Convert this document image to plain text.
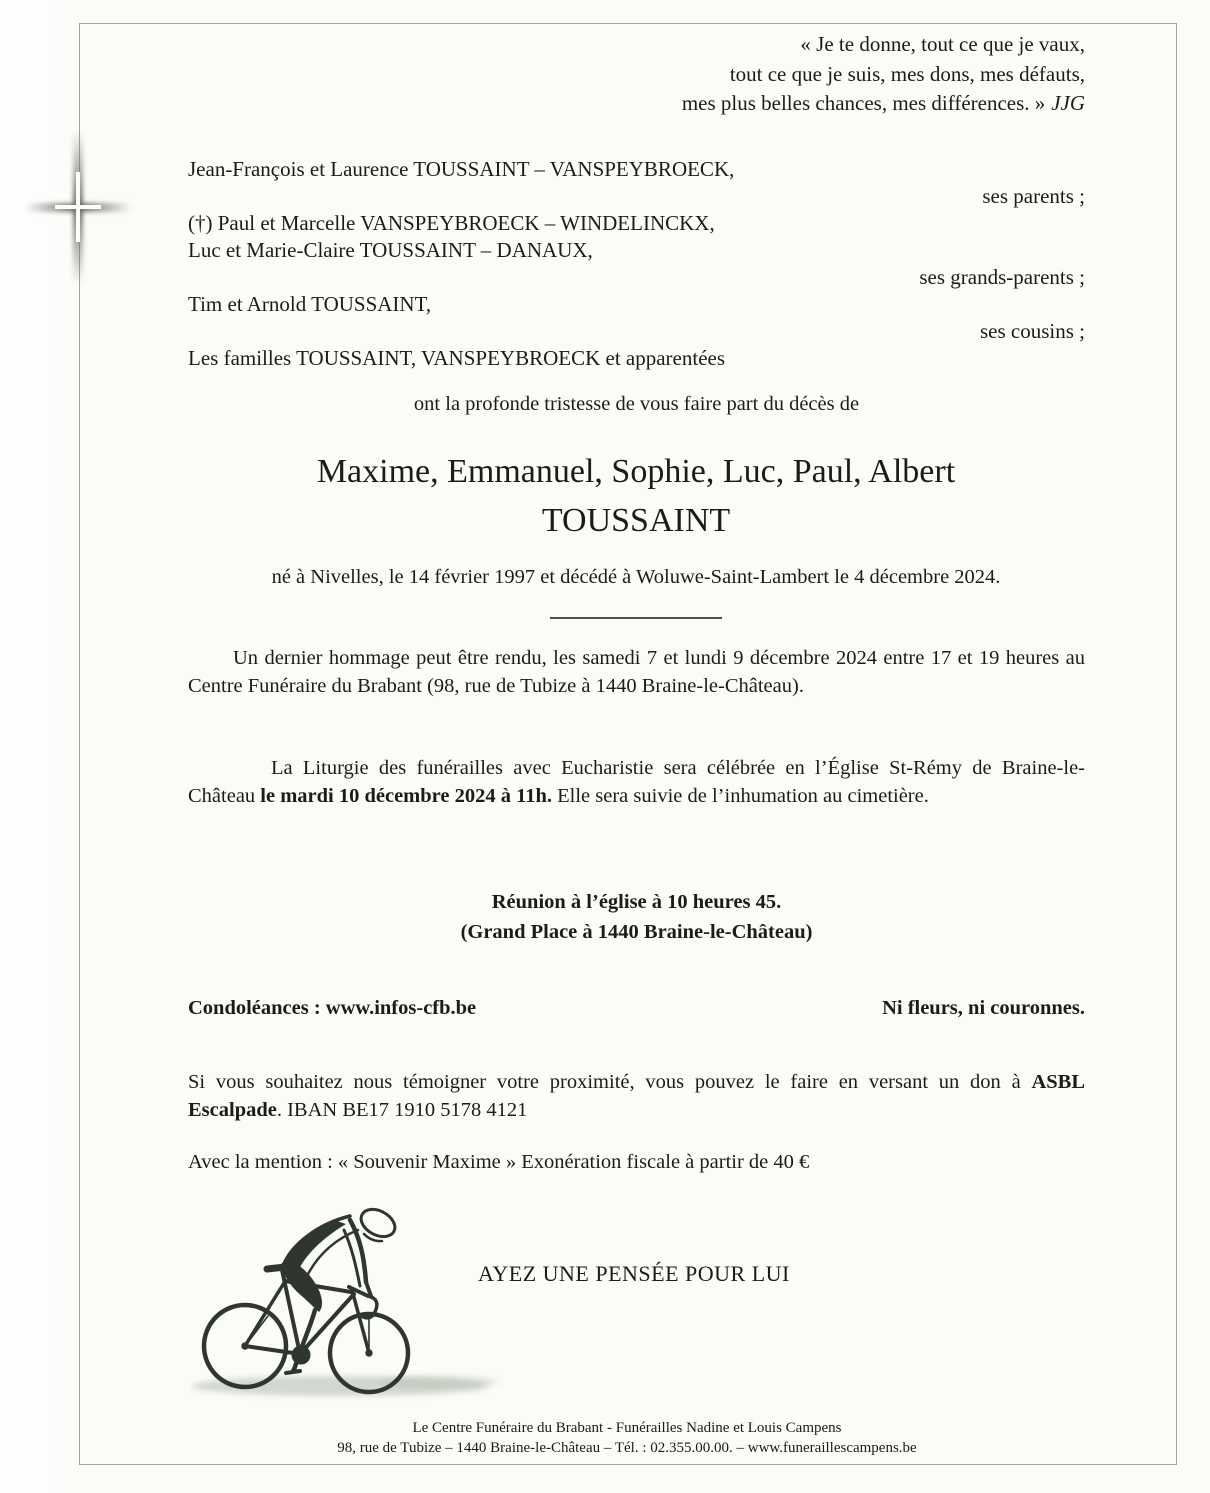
« Je te donne, tout ce que je vaux,
tout ce que je suis, mes dons, mes défauts,
mes plus belles chances, mes différences. » JJG
Jean-François et Laurence TOUSSAINT – VANSPEYBROECK,
ses parents ;
(†) Paul et Marcelle VANSPEYBROECK – WINDELINCKX,
Luc et Marie-Claire TOUSSAINT – DANAUX,
ses grands-parents ;
Tim et Arnold TOUSSAINT,
ses cousins ;
Les familles TOUSSAINT, VANSPEYBROECK et apparentées
ont la profonde tristesse de vous faire part du décès de
Maxime, Emmanuel, Sophie, Luc, Paul, Albert
TOUSSAINT
né à Nivelles, le 14 février 1997 et décédé à Woluwe-Saint-Lambert le 4 décembre 2024.

Un dernier hommage peut être rendu, les samedi 7 et lundi 9 décembre 2024 entre 17 et 19 heures au Centre Funéraire du Brabant (98, rue de Tubize à 1440 Braine-le-Château).

La Liturgie des funérailles avec Eucharistie sera célébrée en l’Église St-Rémy de Braine-le-Château le mardi 10 décembre 2024 à 11h. Elle sera suivie de l’inhumation au cimetière.

Réunion à l’église à 10 heures 45.
(Grand Place à 1440 Braine-le-Château)
Condoléances : www.infos-cfb.be	Ni fleurs, ni couronnes.

Si vous souhaitez nous témoigner votre proximité, vous pouvez le faire en versant un don à ASBL Escalpade. IBAN BE17 1910 5178 4121

Avec la mention : « Souvenir Maxime » Exonération fiscale à partir de 40 €
AYEZ UNE PENSÉE POUR LUI
Le Centre Funéraire du Brabant - Funérailles Nadine et Louis Campens
98, rue de Tubize – 1440 Braine-le-Château – Tél. : 02.355.00.00. – www.funeraillescampens.be
